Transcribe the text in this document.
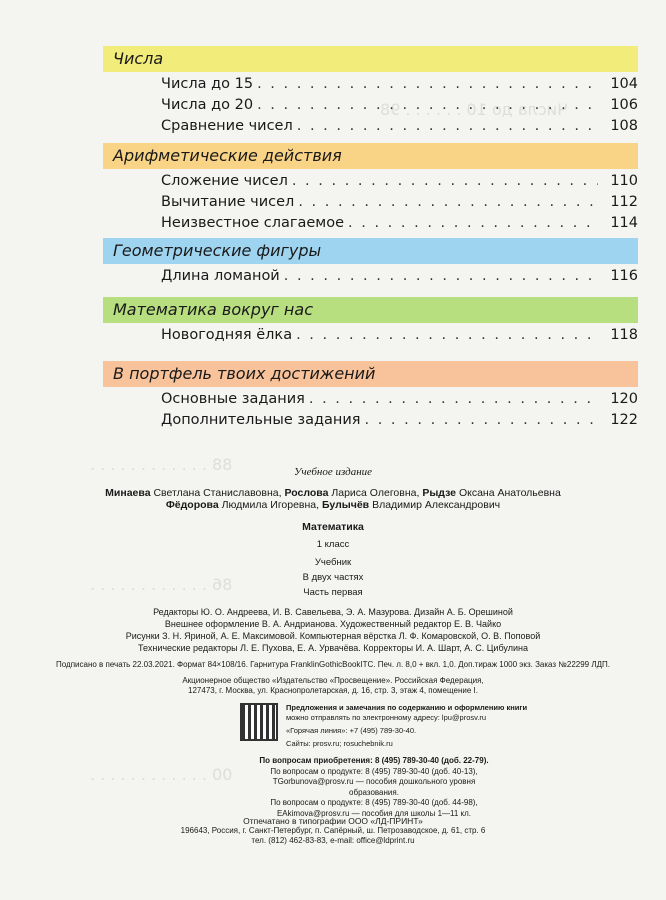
Числа до 10 . . . . . . 98
88 . . . . . . . . . . . .
86 . . . . . . . . . . . .
00 . . . . . . . . . . . .
Числа
Числа до 15 . . .	104
Числа до 20 . . .	106
Сравнение чисел . . .	108
Арифметические действия
Сложение чисел . . .	110
Вычитание чисел . . .	112
Неизвестное слагаемое . . .	114
Геометрические фигуры
Длина ломаной . . .	116
Математика вокруг нас
Новогодняя ёлка . . .	118
В портфель твоих достижений
Основные задания . . .	120
Дополнительные задания . . .	122
Учебное издание
Минаева Светлана Станиславовна, Рослова Лариса Олеговна, Рыдзе Оксана Анатольевна
Фёдорова Людмила Игоревна, Булычёв Владимир Александрович
Математика
1 класс
Учебник
В двух частях
Часть первая
Редакторы Ю. О. Андреева, И. В. Савельева, Э. А. Мазурова. Дизайн А. Б. Орешиной
Внешнее оформление В. А. Андриановa. Художественный редактор Е. В. Чайко
Рисунки З. Н. Яриной, А. Е. Максимовой. Компьютерная вёрстка Л. Ф. Комаровской, О. В. Поповой
Технические редакторы Л. Е. Пухова, Е. А. Урвачёва. Корректоры И. А. Шарт, А. С. Цибулина
Подписано в печать 22.03.2021. Формат 84×108/16. Гарнитура FranklinGothicBookITC. Печ. л. 8,0 + вкл. 1,0. Доп.тираж 1000 экз. Заказ №22299 ЛДП.
Акционерное общество «Издательство «Просвещение». Российская Федерация,
127473, г. Москва, ул. Краснопролетарская, д. 16, стр. 3, этаж 4, помещение I.
Предложения и замечания по содержанию и оформлению книги
можно отправлять по электронному адресу: lpu@prosv.ru
«Горячая линия»: +7 (495) 789-30-40.
Сайты: prosv.ru; rosuchebnik.ru
По вопросам приобретения: 8 (495) 789-30-40 (доб. 22-79).
По вопросам о продукте: 8 (495) 789-30-40 (доб. 40-13),
TGorbunova@prosv.ru — пособия дошкольного уровня образования.
По вопросам о продукте: 8 (495) 789-30-40 (доб. 44-98),
EAkimova@prosv.ru — пособия для школы 1—11 кл.
Отпечатано в типографии ООО «ЛД-ПРИНТ»
196643, Россия, г. Санкт-Петербург, п. Сапёрный, ш. Петрозаводское, д. 61, стр. 6
тел. (812) 462-83-83, e-mail: office@ldprint.ru
